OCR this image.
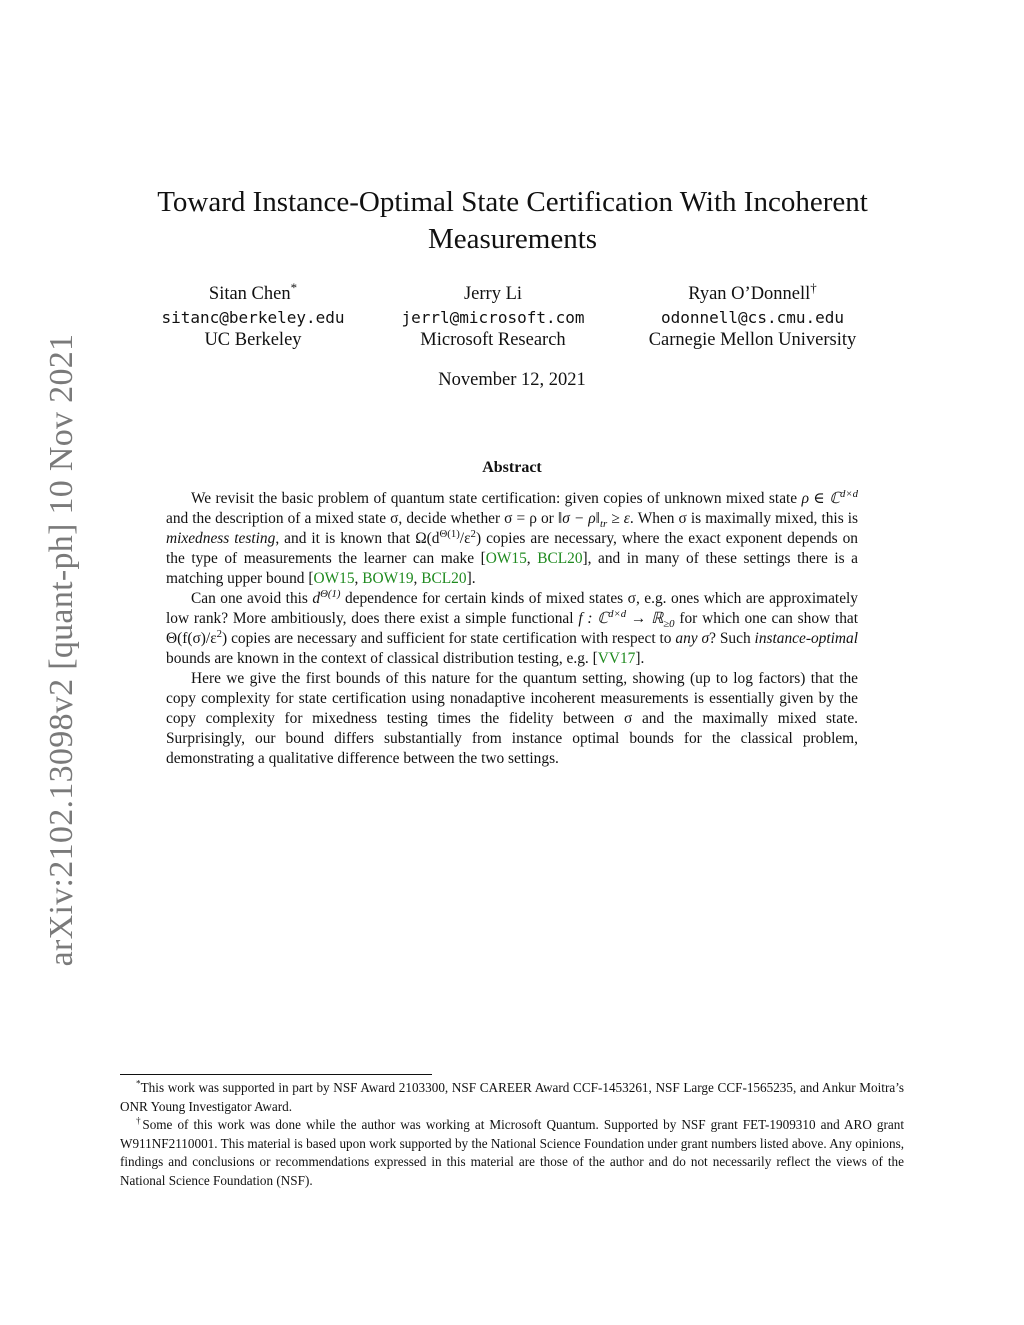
arXiv:2102.13098v2 [quant-ph] 10 Nov 2021
Toward Instance-Optimal State Certification With Incoherent Measurements
Sitan Chen*
sitanc@berkeley.edu
UC Berkeley
Jerry Li
jerrl@microsoft.com
Microsoft Research
Ryan O’Donnell†
odonnell@cs.cmu.edu
Carnegie Mellon University
November 12, 2021
Abstract

We revisit the basic problem of quantum state certification: given copies of unknown mixed state ρ ∈ ℂ$^{d\times d}$ and the description of a mixed state σ, decide whether σ = ρ or ‖σ − $\rho‖_{tr} \ge \varepsilon$. When σ is maximally mixed, this is mixedness testing, and it is known that $\Omega(d^{\Theta(1)}/\varepsilon^2)$ copies are necessary, where the exact exponent depends on the type of measurements the learner can make [OW15, BCL20], and in many of these settings there is a matching upper bound [OW15, BOW19, BCL20].

Can one avoid this $d^{\Theta(1)}$ dependence for certain kinds of mixed states σ, e.g. ones which are approximately low rank? More ambitiously, does there exist a simple functional f : ℂ$^{d\times d}$ → ℝ$_{\ge 0}$ for which one can show that $\Theta(f(\sigma)/\varepsilon^2)$ copies are necessary and sufficient for state certification with respect to any σ? Such instance-optimal bounds are known in the context of classical distribution testing, e.g. [VV17].

Here we give the first bounds of this nature for the quantum setting, showing (up to log factors) that the copy complexity for state certification using nonadaptive incoherent measurements is essentially given by the copy complexity for mixedness testing times the fidelity between σ and the maximally mixed state. Surprisingly, our bound differs substantially from instance optimal bounds for the classical problem, demonstrating a qualitative difference between the two settings.

*This work was supported in part by NSF Award 2103300, NSF CAREER Award CCF-1453261, NSF Large CCF-1565235, and Ankur Moitra’s ONR Young Investigator Award.

†Some of this work was done while the author was working at Microsoft Quantum. Supported by NSF grant FET-1909310 and ARO grant W911NF2110001. This material is based upon work supported by the National Science Foundation under grant numbers listed above. Any opinions, findings and conclusions or recommendations expressed in this material are those of the author and do not necessarily reflect the views of the National Science Foundation (NSF).
